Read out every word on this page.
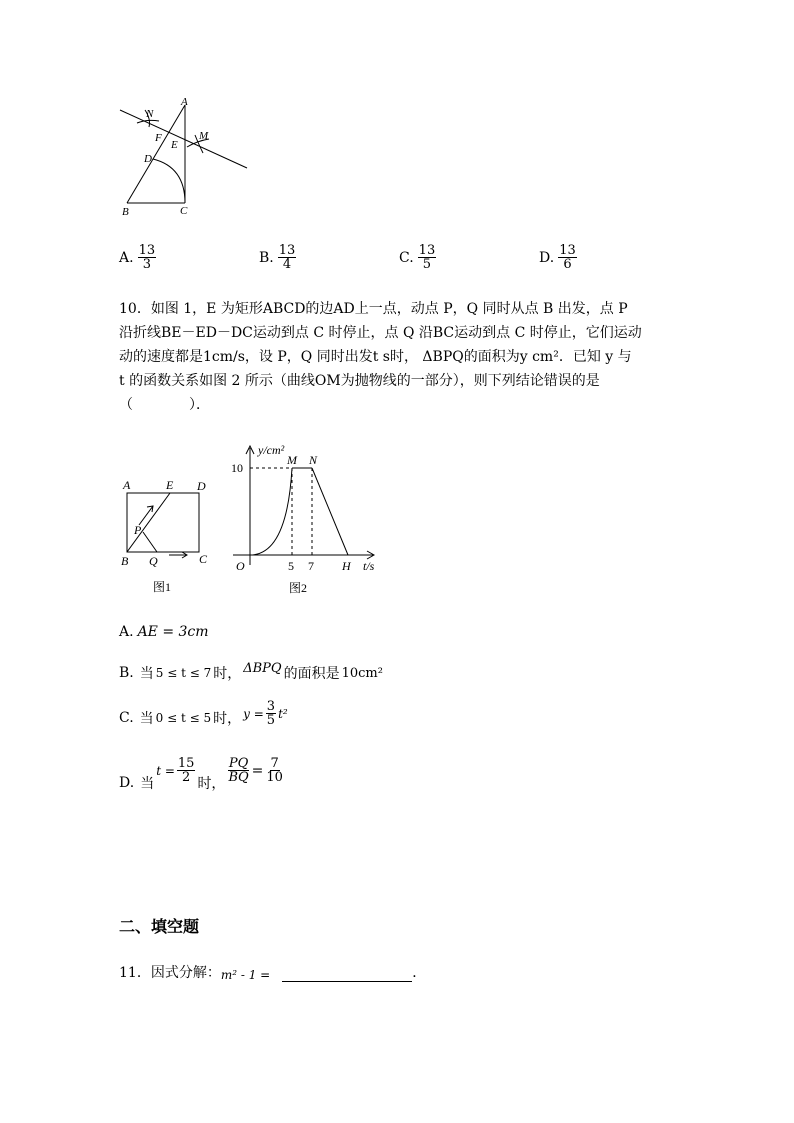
N
A
F	M
E
D
B	C
A. $\frac{13}{3}$	B. $\frac{13}{4}$	C. $\frac{13}{5}$	D. $\frac{13}{6}$
10．如图 1，E 为矩形ABCD的边AD上一点，动点 P，Q 同时从点 B 出发，点 P
沿折线BE－ED－DC运动到点 C 时停止，点 Q 沿BC运动到点 C 时停止，它们运动
动的速度都是1cm/s，设 P，Q 同时出发t s时， ΔBPQ的面积为y cm²．已知 y 与
t 的函数关系如图 2 所示（曲线OM为抛物线的一部分），则下列结论错误的是
（　　　　）．
A	E D
P
B Q	C
图1
y/cm²
10
M N
O	5 7 H t/s
图2
A. AE = 3cm
B. 当 5 ≤ t ≤ 7 时， ΔBPQ 的面积是 10cm²
C. 当 0 ≤ t ≤ 5 时， $y = \frac{3}{5} t^2$
D. 当
$t = \frac{15}{2}$ 时， $\frac{PQ}{BQ} = \frac{7}{10}$
二、填空题
11．因式分解： m² - 1 =	．
